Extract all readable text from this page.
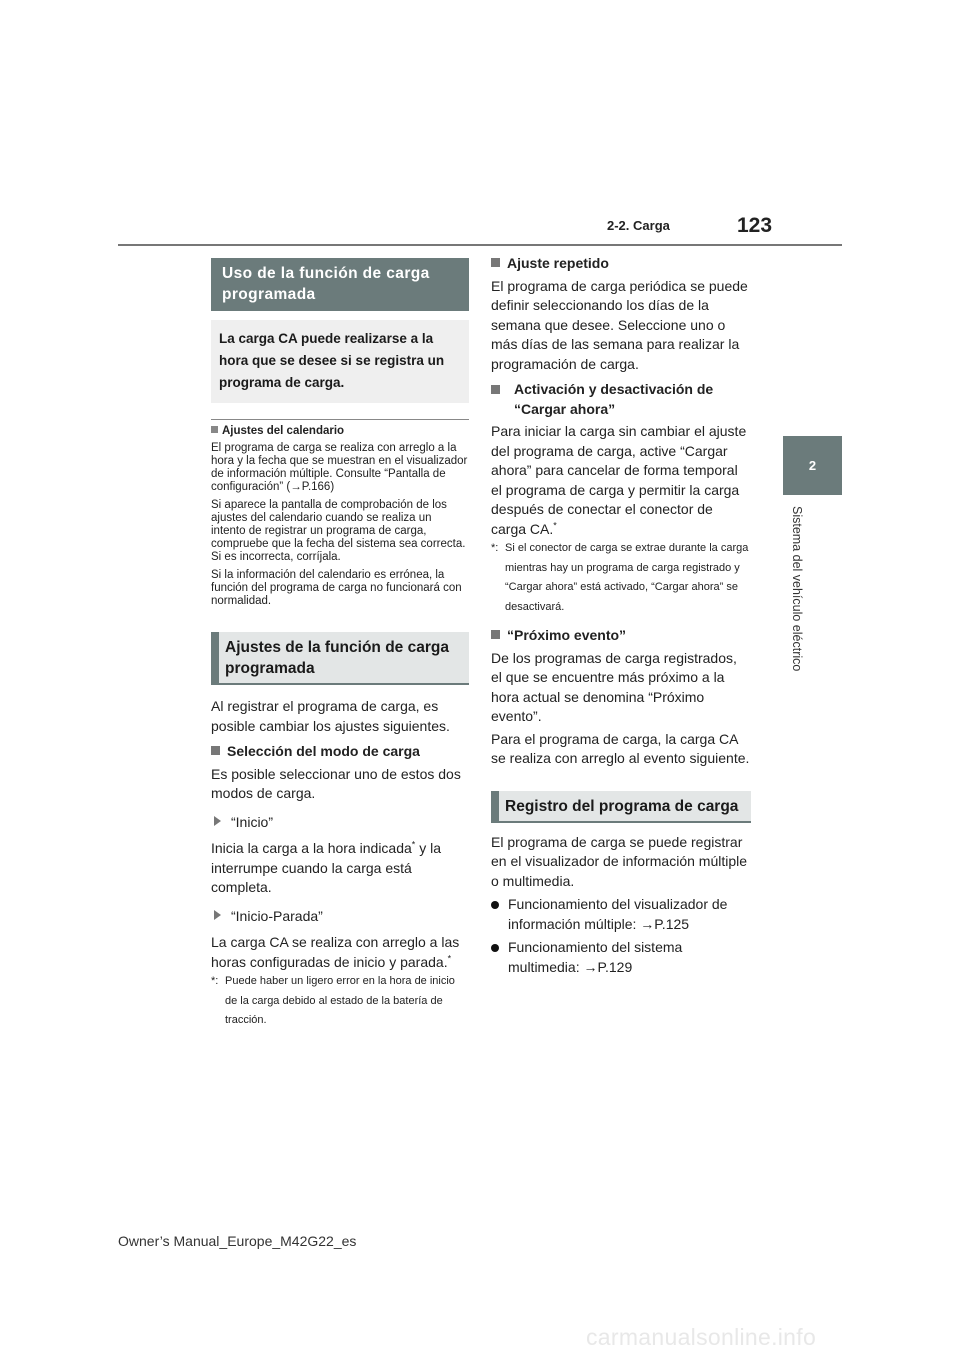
2-2. Carga	123
2
Sistema del vehículo eléctrico
Uso de la función de carga programada
La carga CA puede realizarse a la hora que se desee si se registra un programa de carga.

Ajustes del calendario

El programa de carga se realiza con arreglo a la hora y la fecha que se muestran en el visualizador de información múltiple. Consulte “Pantalla de configuración” (→P.166)

Si aparece la pantalla de comprobación de los ajustes del calendario cuando se realiza un intento de registrar un programa de carga, compruebe que la fecha del sistema sea correcta. Si es incorrecta, corríjala.

Si la información del calendario es errónea, la función del programa de carga no funcionará con normalidad.

Ajustes de la función de carga programada

Al registrar el programa de carga, es posible cambiar los ajustes siguientes.

Selección del modo de carga

Es posible seleccionar uno de estos dos modos de carga.

“Inicio”

Inicia la carga a la hora indicada* y la interrumpe cuando la carga está completa.

“Inicio-Parada”

La carga CA se realiza con arreglo a las horas configuradas de inicio y parada.*

*: Puede haber un ligero error en la hora de inicio de la carga debido al estado de la batería de tracción.

Ajuste repetido

El programa de carga periódica se puede definir seleccionando los días de la semana que desee. Seleccione uno o más días de las semana para realizar la programación de carga.

Activación y desactivación de “Cargar ahora”

Para iniciar la carga sin cambiar el ajuste del programa de carga, active “Cargar ahora” para cancelar de forma temporal el programa de carga y permitir la carga después de conectar el conector de carga CA.*

*: Si el conector de carga se extrae durante la carga mientras hay un programa de carga registrado y “Cargar ahora” está activado, “Cargar ahora” se desactivará.

“Próximo evento”

De los programas de carga registrados, el que se encuentre más próximo a la hora actual se denomina “Próximo evento”.

Para el programa de carga, la carga CA se realiza con arreglo al evento siguiente.

Registro del programa de carga

El programa de carga se puede registrar en el visualizador de información múltiple o multimedia.

Funcionamiento del visualizador de información múltiple: →P.125

Funcionamiento del sistema multimedia: →P.129

Owner’s Manual_Europe_M42G22_es
carmanualsonline.info
